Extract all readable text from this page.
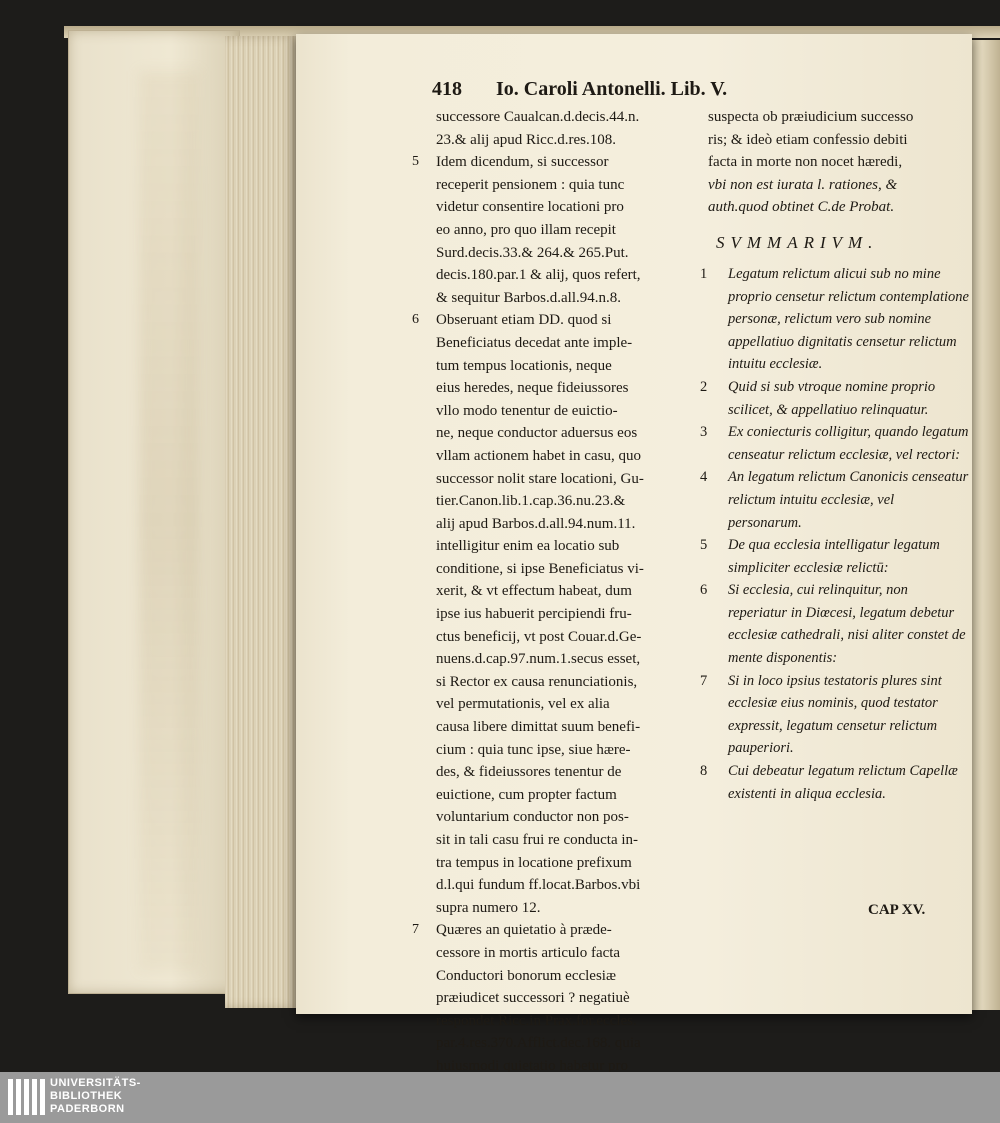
418 Io. Caroli Antonelli. Lib. V.
successore Caualcan.d.decis.44.n.
23.& alij apud Ricc.d.res.108.
5 Idem dicendum, si successor
receperit pensionem : quia tunc
videtur consentire locationi pro
eo anno, pro quo illam recepit
Surd.decis.33.& 264.& 265.Put.
decis.180.par.1 & alij, quos refert,
& sequitur Barbos.d.all.94.n.8.
6 Obseruant etiam DD. quod si
Beneficiatus decedat ante imple-
tum tempus locationis, neque
eius heredes, neque fideiussores
vllo modo tenentur de euictio-
ne, neque conductor aduersus eos
vllam actionem habet in casu, quo
successor nolit stare locationi, Gu-
tier.Canon.lib.1.cap.36.nu.23.&
alij apud Barbos.d.all.94.num.11.
intelligitur enim ea locatio sub
conditione, si ipse Beneficiatus vi-
xerit, & vt effectum habeat, dum
ipse ius habuerit percipiendi fru-
ctus beneficij, vt post Couar.d.Ge-
nuens.d.cap.97.num.1.secus esset,
si Rector ex causa renunciationis,
vel permutationis, vel ex alia
causa libere dimittat suum benefi-
cium : quia tunc ipse, siue hære-
des, & fideiussores tenentur de
euictione, cum propter factum
voluntarium conductor non pos-
sit in tali casu frui re conducta in-
tra tempus in locatione prefixum
d.l.qui fundum ff.locat.Barbos.vbi
supra numero 12.
7 Quæres an quietatio à præde-
cessore in mortis articulo facta
Conductori bonorum ecclesiæ
præiudicet successori ? negatiuè
respondet Ricc.in Prax.for.eccles.
par.4.res.370.Afflict.dec.168. quia
huiusmodi quietatio habetur pro
suspecta ob præiudicium successo
ris; & ideò etiam confessio debiti
facta in morte non nocet hæredi,
vbi non est iurata l. rationes, &
auth.quod obtinet C.de Probat.
SVMMARIVM.
1 Legatum relictum alicui sub no mine proprio censetur relictum contemplatione personæ, relictum vero sub nomine appellatiuo dignitatis censetur relictum intuitu ecclesiæ.
2 Quid si sub vtroque nomine proprio scilicet, & appellatiuo relinquatur.
3 Ex coniecturis colligitur, quando legatum censeatur relictum ecclesiæ, vel rectori:
4 An legatum relictum Canonicis censeatur relictum intuitu ecclesiæ, vel personarum.
5 De qua ecclesia intelligatur legatum simpliciter ecclesiæ relictū:
6 Si ecclesia, cui relinquitur, non reperiatur in Diœcesi, legatum debetur ecclesiæ cathedrali, nisi aliter constet de mente disponentis:
7 Si in loco ipsius testatoris plures sint ecclesiæ eius nominis, quod testator expressit, legatum censetur relictum pauperiori.
8 Cui debeatur legatum relictum Capellæ existenti in aliqua ecclesia.
CAP XV.
UNIVERSITÄTS-
BIBLIOTHEK
PADERBORN
